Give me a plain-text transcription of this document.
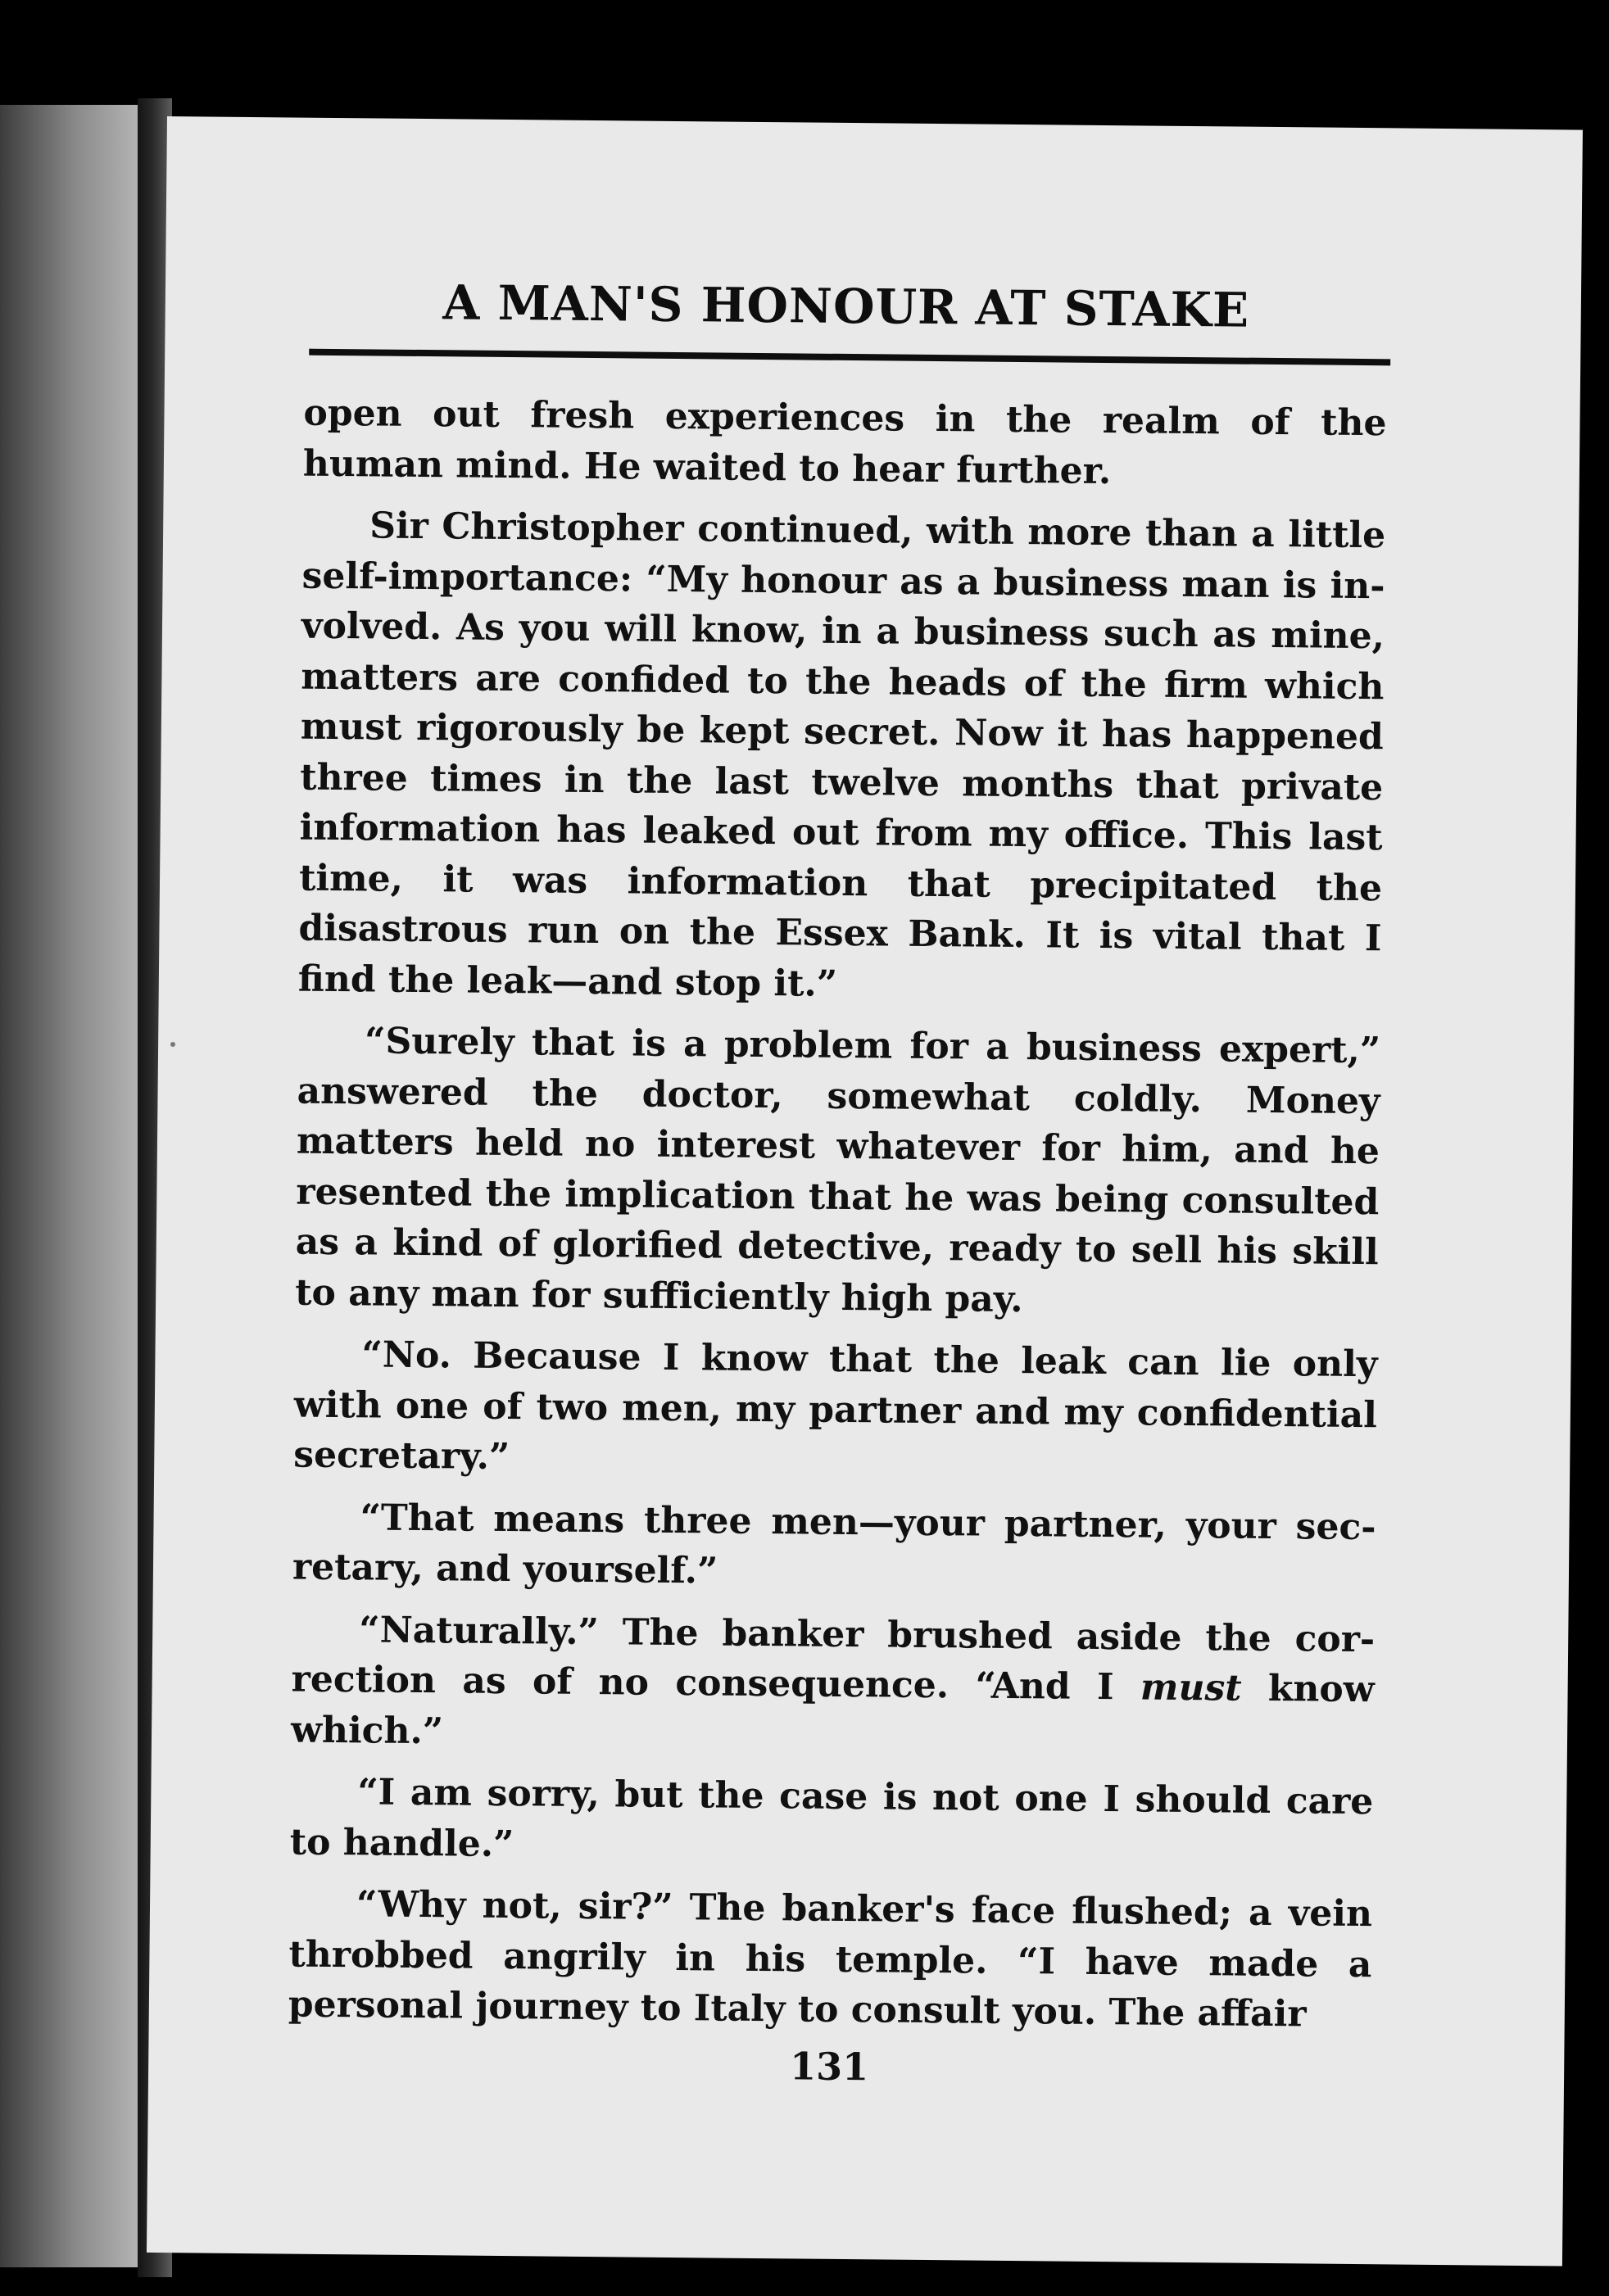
A MAN'S HONOUR AT STAKE

open out fresh experiences in the realm of the human mind. He waited to hear further.

Sir Christopher continued, with more than a little self-importance: “My honour as a business man is involved. As you will know, in a business such as mine, matters are confided to the heads of the firm which must rigorously be kept secret. Now it has happened three times in the last twelve months that private information has leaked out from my office. This last time, it was information that precipitated the disastrous run on the Essex Bank. It is vital that I find the leak—and stop it.”

“Surely that is a problem for a business expert,” answered the doctor, somewhat coldly. Money matters held no interest whatever for him, and he resented the implication that he was being consulted as a kind of glorified detective, ready to sell his skill to any man for sufficiently high pay.

“No. Because I know that the leak can lie only with one of two men, my partner and my confidential secretary.”

“That means three men—your partner, your secretary, and yourself.”

“Naturally.” The banker brushed aside the correction as of no consequence. “And I must know which.”

“I am sorry, but the case is not one I should care to handle.”

“Why not, sir?” The banker's face flushed; a vein throbbed angrily in his temple. “I have made a personal journey to Italy to consult you. The affair

131
